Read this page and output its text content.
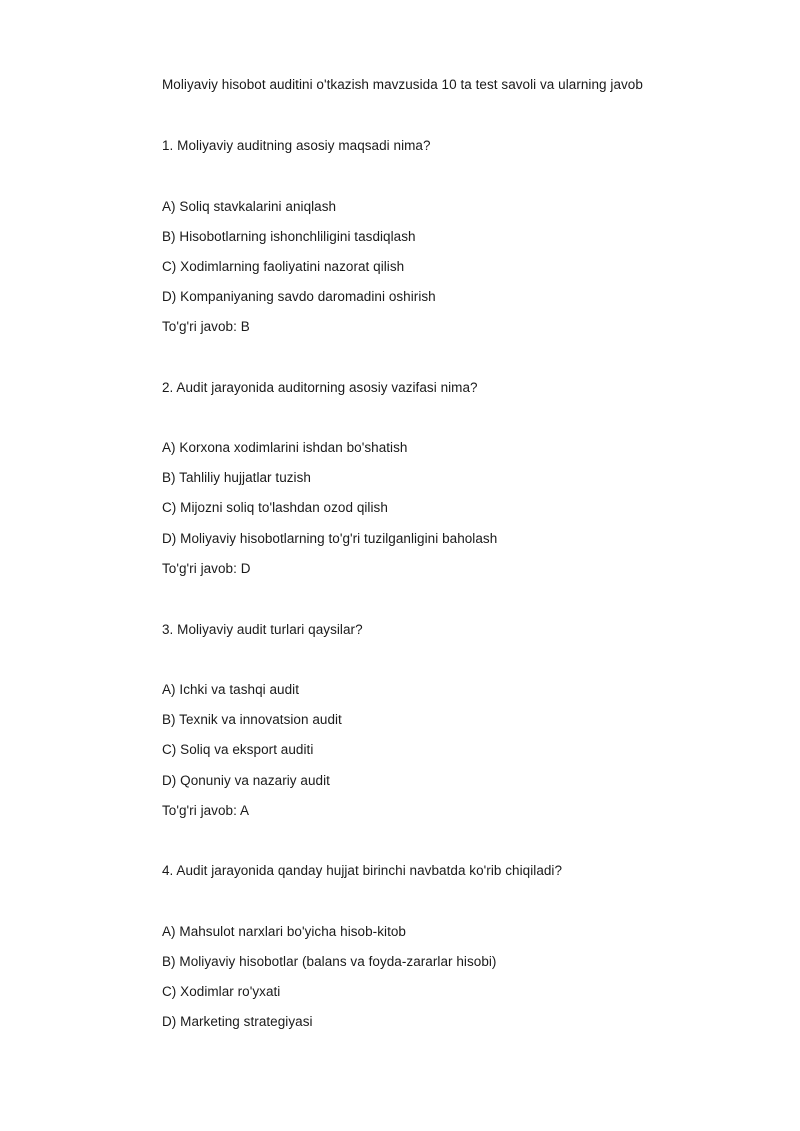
Moliyaviy hisobot auditini o'tkazish mavzusida 10 ta test savoli va ularning javob
1. Moliyaviy auditning asosiy maqsadi nima?
A) Soliq stavkalarini aniqlash
B) Hisobotlarning ishonchliligini tasdiqlash
C) Xodimlarning faoliyatini nazorat qilish
D) Kompaniyaning savdo daromadini oshirish
To'g'ri javob: B
2. Audit jarayonida auditorning asosiy vazifasi nima?
A) Korxona xodimlarini ishdan bo'shatish
B) Tahliliy hujjatlar tuzish
C) Mijozni soliq to'lashdan ozod qilish
D) Moliyaviy hisobotlarning to'g'ri tuzilganligini baholash
To'g'ri javob: D
3. Moliyaviy audit turlari qaysilar?
A) Ichki va tashqi audit
B) Texnik va innovatsion audit
C) Soliq va eksport auditi
D) Qonuniy va nazariy audit
To'g'ri javob: A
4. Audit jarayonida qanday hujjat birinchi navbatda ko'rib chiqiladi?
A) Mahsulot narxlari bo'yicha hisob-kitob
B) Moliyaviy hisobotlar (balans va foyda-zararlar hisobi)
C) Xodimlar ro'yxati
D) Marketing strategiyasi
